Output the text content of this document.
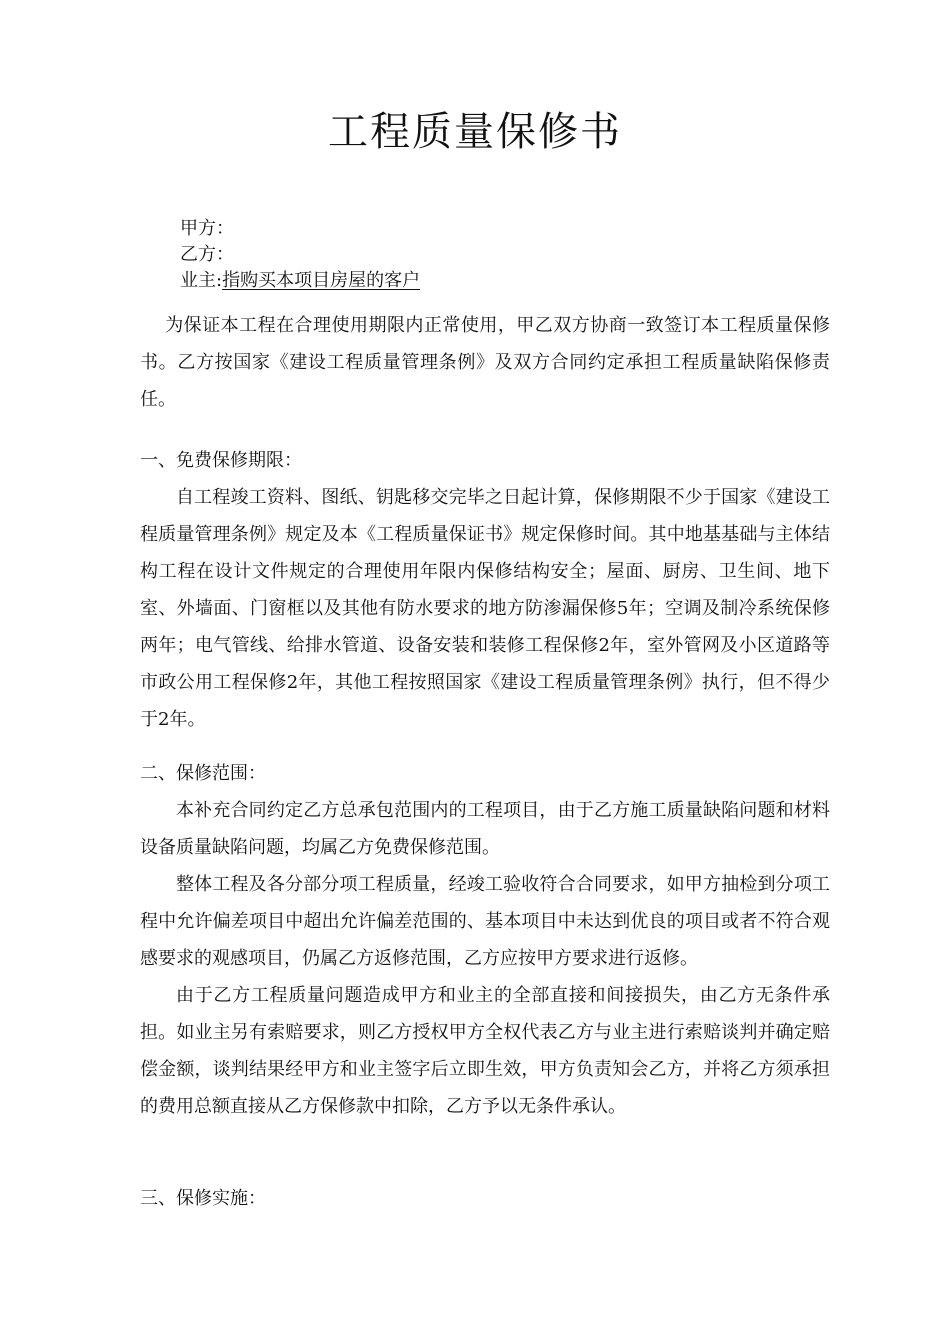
工程质量保修书
甲方：
乙方：
业主:指购买本项目房屋的客户

为保证本工程在合理使用期限内正常使用，甲乙双方协商一致签订本工程质量保修书。乙方按国家《建设工程质量管理条例》及双方合同约定承担工程质量缺陷保修责任。

一、免费保修期限：

自工程竣工资料、图纸、钥匙移交完毕之日起计算，保修期限不少于国家《建设工程质量管理条例》规定及本《工程质量保证书》规定保修时间。其中地基基础与主体结构工程在设计文件规定的合理使用年限内保修结构安全；屋面、厨房、卫生间、地下室、外墙面、门窗框以及其他有防水要求的地方防渗漏保修5年；空调及制冷系统保修两年；电气管线、给排水管道、设备安装和装修工程保修2年，室外管网及小区道路等市政公用工程保修2年，其他工程按照国家《建设工程质量管理条例》执行，但不得少于2年。

二、保修范围：

本补充合同约定乙方总承包范围内的工程项目，由于乙方施工质量缺陷问题和材料设备质量缺陷问题，均属乙方免费保修范围。

整体工程及各分部分项工程质量，经竣工验收符合合同要求，如甲方抽检到分项工程中允许偏差项目中超出允许偏差范围的、基本项目中未达到优良的项目或者不符合观感要求的观感项目，仍属乙方返修范围，乙方应按甲方要求进行返修。

由于乙方工程质量问题造成甲方和业主的全部直接和间接损失，由乙方无条件承担。如业主另有索赔要求，则乙方授权甲方全权代表乙方与业主进行索赔谈判并确定赔偿金额，谈判结果经甲方和业主签字后立即生效，甲方负责知会乙方，并将乙方须承担的费用总额直接从乙方保修款中扣除，乙方予以无条件承认。

三、保修实施：
